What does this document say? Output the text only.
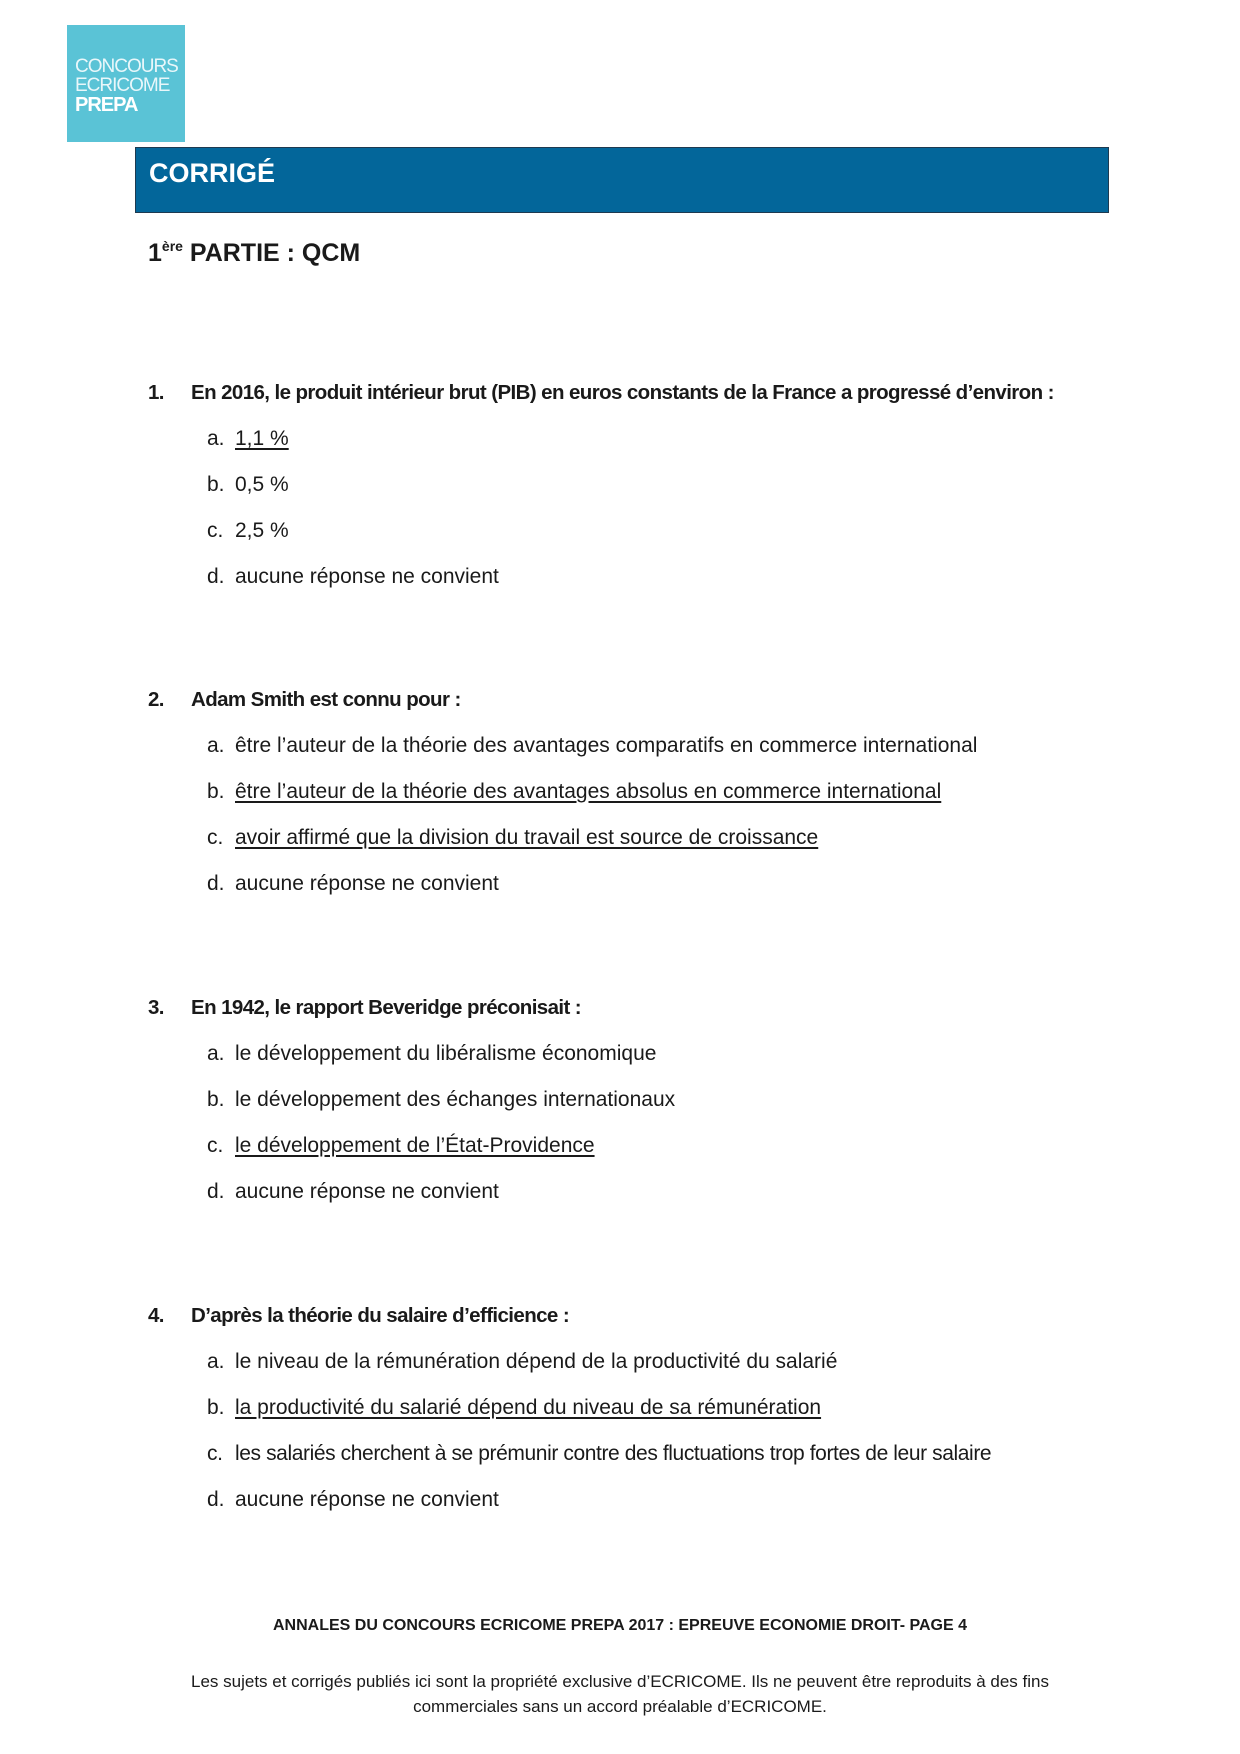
CONCOURS
ECRICOME
PREPA
CORRIGÉ
1ère PARTIE : QCM
1. En 2016, le produit intérieur brut (PIB) en euros constants de la France a progressé d’environ :
a. 1,1 %
b. 0,5 %
c. 2,5 %
d. aucune réponse ne convient
2. Adam Smith est connu pour :
a. être l’auteur de la théorie des avantages comparatifs en commerce international
b. être l’auteur de la théorie des avantages absolus en commerce international
c. avoir affirmé que la division du travail est source de croissance
d. aucune réponse ne convient
3. En 1942, le rapport Beveridge préconisait :
a. le développement du libéralisme économique
b. le développement des échanges internationaux
c. le développement de l’État-Providence
d. aucune réponse ne convient
4. D’après la théorie du salaire d’efficience :
a. le niveau de la rémunération dépend de la productivité du salarié
b. la productivité du salarié dépend du niveau de sa rémunération
c. les salariés cherchent à se prémunir contre des fluctuations trop fortes de leur salaire
d. aucune réponse ne convient
ANNALES DU CONCOURS ECRICOME PREPA 2017 : EPREUVE ECONOMIE DROIT- PAGE 4
Les sujets et corrigés publiés ici sont la propriété exclusive d’ECRICOME. Ils ne peuvent être reproduits à des fins commerciales sans un accord préalable d’ECRICOME.
